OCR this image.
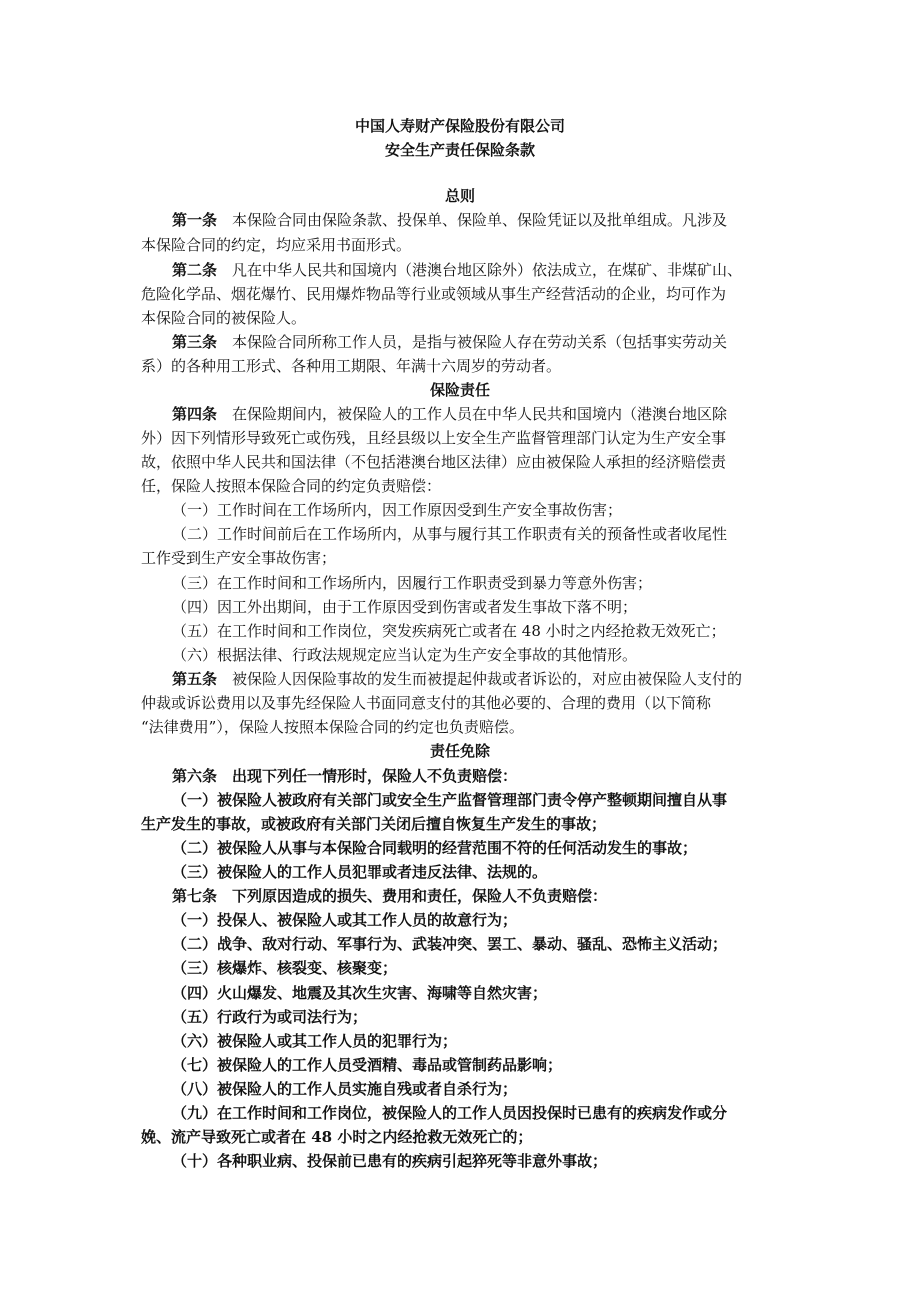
中国人寿财产保险股份有限公司
安全生产责任保险条款
总则
第一条　 本保险合同由保险条款、投保单、保险单、保险凭证以及批单组成。凡涉及
本保险合同的约定，均应采用书面形式。
第二条　 凡在中华人民共和国境内（港澳台地区除外）依法成立，在煤矿、非煤矿山、
危险化学品、烟花爆竹、民用爆炸物品等行业或领域从事生产经营活动的企业，均可作为
本保险合同的被保险人。
第三条　 本保险合同所称工作人员，是指与被保险人存在劳动关系（包括事实劳动关
系）的各种用工形式、各种用工期限、年满十六周岁的劳动者。
保险责任
第四条　 在保险期间内，被保险人的工作人员在中华人民共和国境内（港澳台地区除
外）因下列情形导致死亡或伤残，且经县级以上安全生产监督管理部门认定为生产安全事
故，依照中华人民共和国法律（不包括港澳台地区法律）应由被保险人承担的经济赔偿责
任，保险人按照本保险合同的约定负责赔偿：
（一）工作时间在工作场所内，因工作原因受到生产安全事故伤害；
（二）工作时间前后在工作场所内，从事与履行其工作职责有关的预备性或者收尾性
工作受到生产安全事故伤害；
（三）在工作时间和工作场所内，因履行工作职责受到暴力等意外伤害；
（四）因工外出期间，由于工作原因受到伤害或者发生事故下落不明；
（五）在工作时间和工作岗位，突发疾病死亡或者在 48 小时之内经抢救无效死亡；
（六）根据法律、行政法规规定应当认定为生产安全事故的其他情形。
第五条　 被保险人因保险事故的发生而被提起仲裁或者诉讼的，对应由被保险人支付的
仲裁或诉讼费用以及事先经保险人书面同意支付的其他必要的、合理的费用（以下简称
“法律费用”），保险人按照本保险合同的约定也负责赔偿。
责任免除
第六条　出现下列任一情形时，保险人不负责赔偿：
（一）被保险人被政府有关部门或安全生产监督管理部门责令停产整顿期间擅自从事
生产发生的事故，或被政府有关部门关闭后擅自恢复生产发生的事故；
（二）被保险人从事与本保险合同载明的经营范围不符的任何活动发生的事故；
（三）被保险人的工作人员犯罪或者违反法律、法规的。
第七条　下列原因造成的损失、费用和责任，保险人不负责赔偿：
（一）投保人、被保险人或其工作人员的故意行为；
（二）战争、敌对行动、军事行为、武装冲突、罢工、暴动、骚乱、恐怖主义活动；
（三）核爆炸、核裂变、核聚变；
（四）火山爆发、地震及其次生灾害、海啸等自然灾害；
（五）行政行为或司法行为；
（六）被保险人或其工作人员的犯罪行为；
（七）被保险人的工作人员受酒精、毒品或管制药品影响；
（八）被保险人的工作人员实施自残或者自杀行为；
（九）在工作时间和工作岗位，被保险人的工作人员因投保时已患有的疾病发作或分
娩、流产导致死亡或者在 48 小时之内经抢救无效死亡的；
（十）各种职业病、投保前已患有的疾病引起猝死等非意外事故；
